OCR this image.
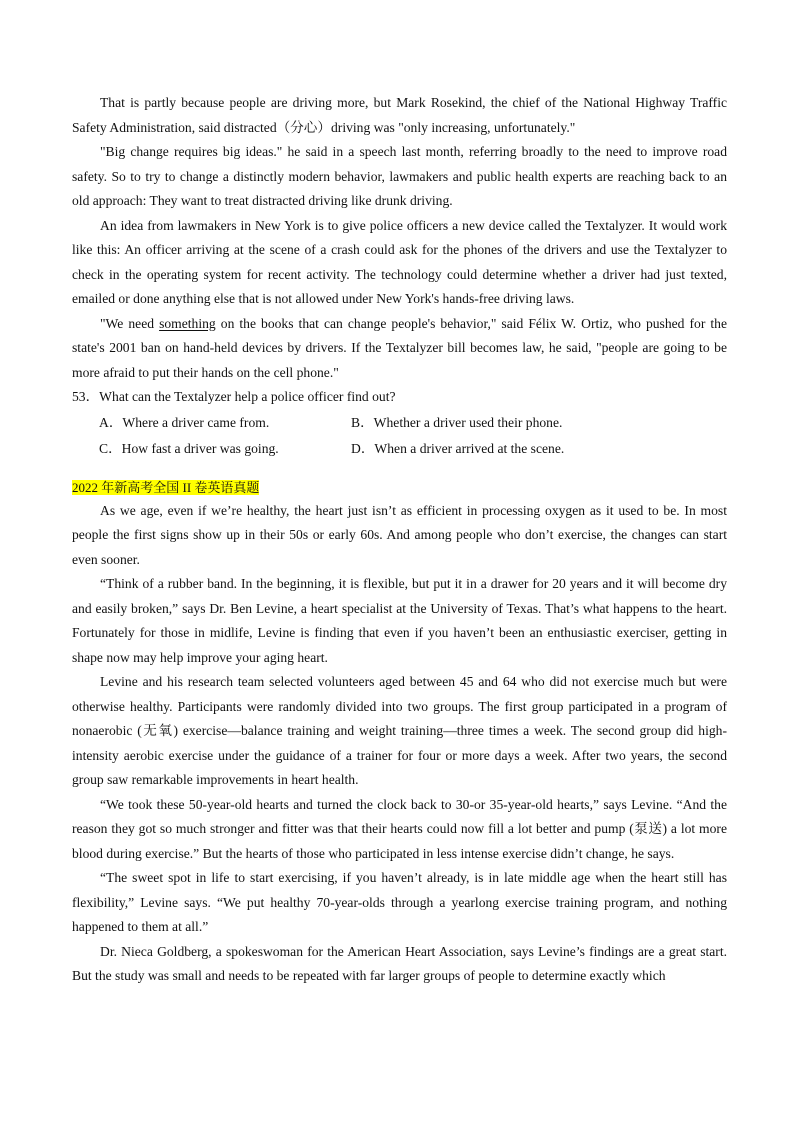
That is partly because people are driving more, but Mark Rosekind, the chief of the National Highway Traffic Safety Administration, said distracted（分心）driving was "only increasing, unfortunately."

"Big change requires big ideas." he said in a speech last month, referring broadly to the need to improve road safety. So to try to change a distinctly modern behavior, lawmakers and public health experts are reaching back to an old approach: They want to treat distracted driving like drunk driving.

An idea from lawmakers in New York is to give police officers a new device called the Textalyzer. It would work like this: An officer arriving at the scene of a crash could ask for the phones of the drivers and use the Textalyzer to check in the operating system for recent activity. The technology could determine whether a driver had just texted, emailed or done anything else that is not allowed under New York's hands-free driving laws.

"We need something on the books that can change people's behavior," said Félix W. Ortiz, who pushed for the state's 2001 ban on hand-held devices by drivers. If the Textalyzer bill becomes law, he said, "people are going to be more afraid to put their hands on the cell phone."

53．What can the Textalyzer help a police officer find out?

A．Where a driver came from.	B．Whether a driver used their phone.
C．How fast a driver was going.	D．When a driver arrived at the scene.

2022 年新高考全国 II 卷英语真题

As we age, even if we’re healthy, the heart just isn’t as efficient in processing oxygen as it used to be. In most people the first signs show up in their 50s or early 60s. And among people who don’t exercise, the changes can start even sooner.

“Think of a rubber band. In the beginning, it is flexible, but put it in a drawer for 20 years and it will become dry and easily broken,” says Dr. Ben Levine, a heart specialist at the University of Texas. That’s what happens to the heart. Fortunately for those in midlife, Levine is finding that even if you haven’t been an enthusiastic exerciser, getting in shape now may help improve your aging heart.

Levine and his research team selected volunteers aged between 45 and 64 who did not exercise much but were otherwise healthy. Participants were randomly divided into two groups. The first group participated in a program of nonaerobic (无氧) exercise—balance training and weight training—three times a week. The second group did high-intensity aerobic exercise under the guidance of a trainer for four or more days a week. After two years, the second group saw remarkable improvements in heart health.

“We took these 50-year-old hearts and turned the clock back to 30-or 35-year-old hearts,” says Levine. “And the reason they got so much stronger and fitter was that their hearts could now fill a lot better and pump (泵送) a lot more blood during exercise.” But the hearts of those who participated in less intense exercise didn’t change, he says.

“The sweet spot in life to start exercising, if you haven’t already, is in late middle age when the heart still has flexibility,” Levine says. “We put healthy 70-year-olds through a yearlong exercise training program, and nothing happened to them at all.”

Dr. Nieca Goldberg, a spokeswoman for the American Heart Association, says Levine’s findings are a great start. But the study was small and needs to be repeated with far larger groups of people to determine exactly which
